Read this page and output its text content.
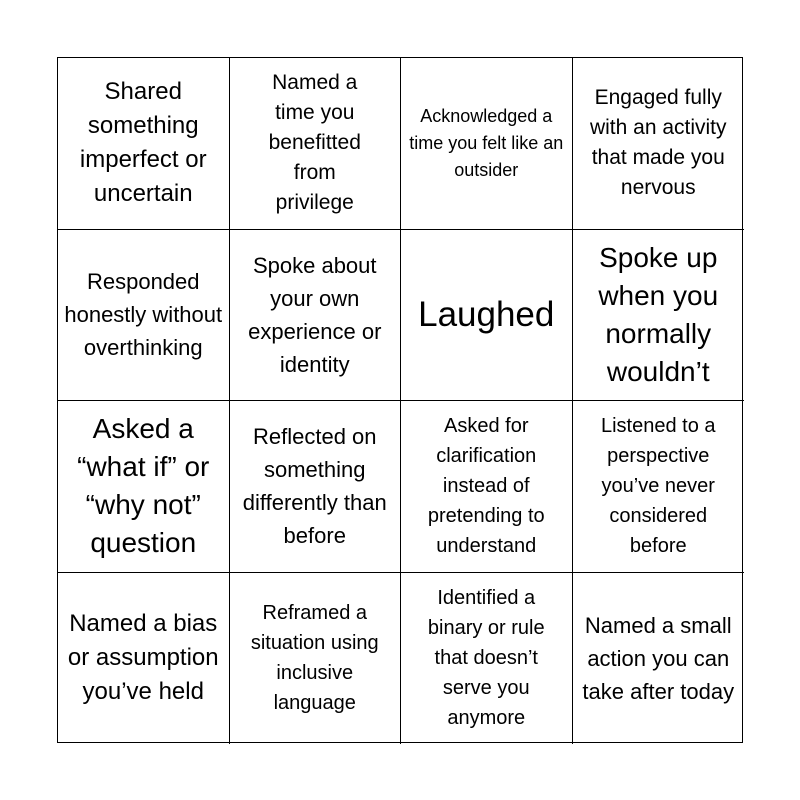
Shared something imperfect or uncertain
Named a time you benefitted from privilege
Acknowledged a time you felt like an outsider
Engaged fully with an activity that made you nervous
Responded honestly without overthinking
Spoke about your own experience or identity
Laughed
Spoke up when you normally wouldn’t
Asked a “what if” or “why not” question
Reflected on something differently than before
Asked for clarification instead of pretending to understand
Listened to a perspective you’ve never considered before
Named a bias or assumption you’ve held
Reframed a situation using inclusive language
Identified a binary or rule that doesn’t serve you anymore
Named a small action you can take after today
